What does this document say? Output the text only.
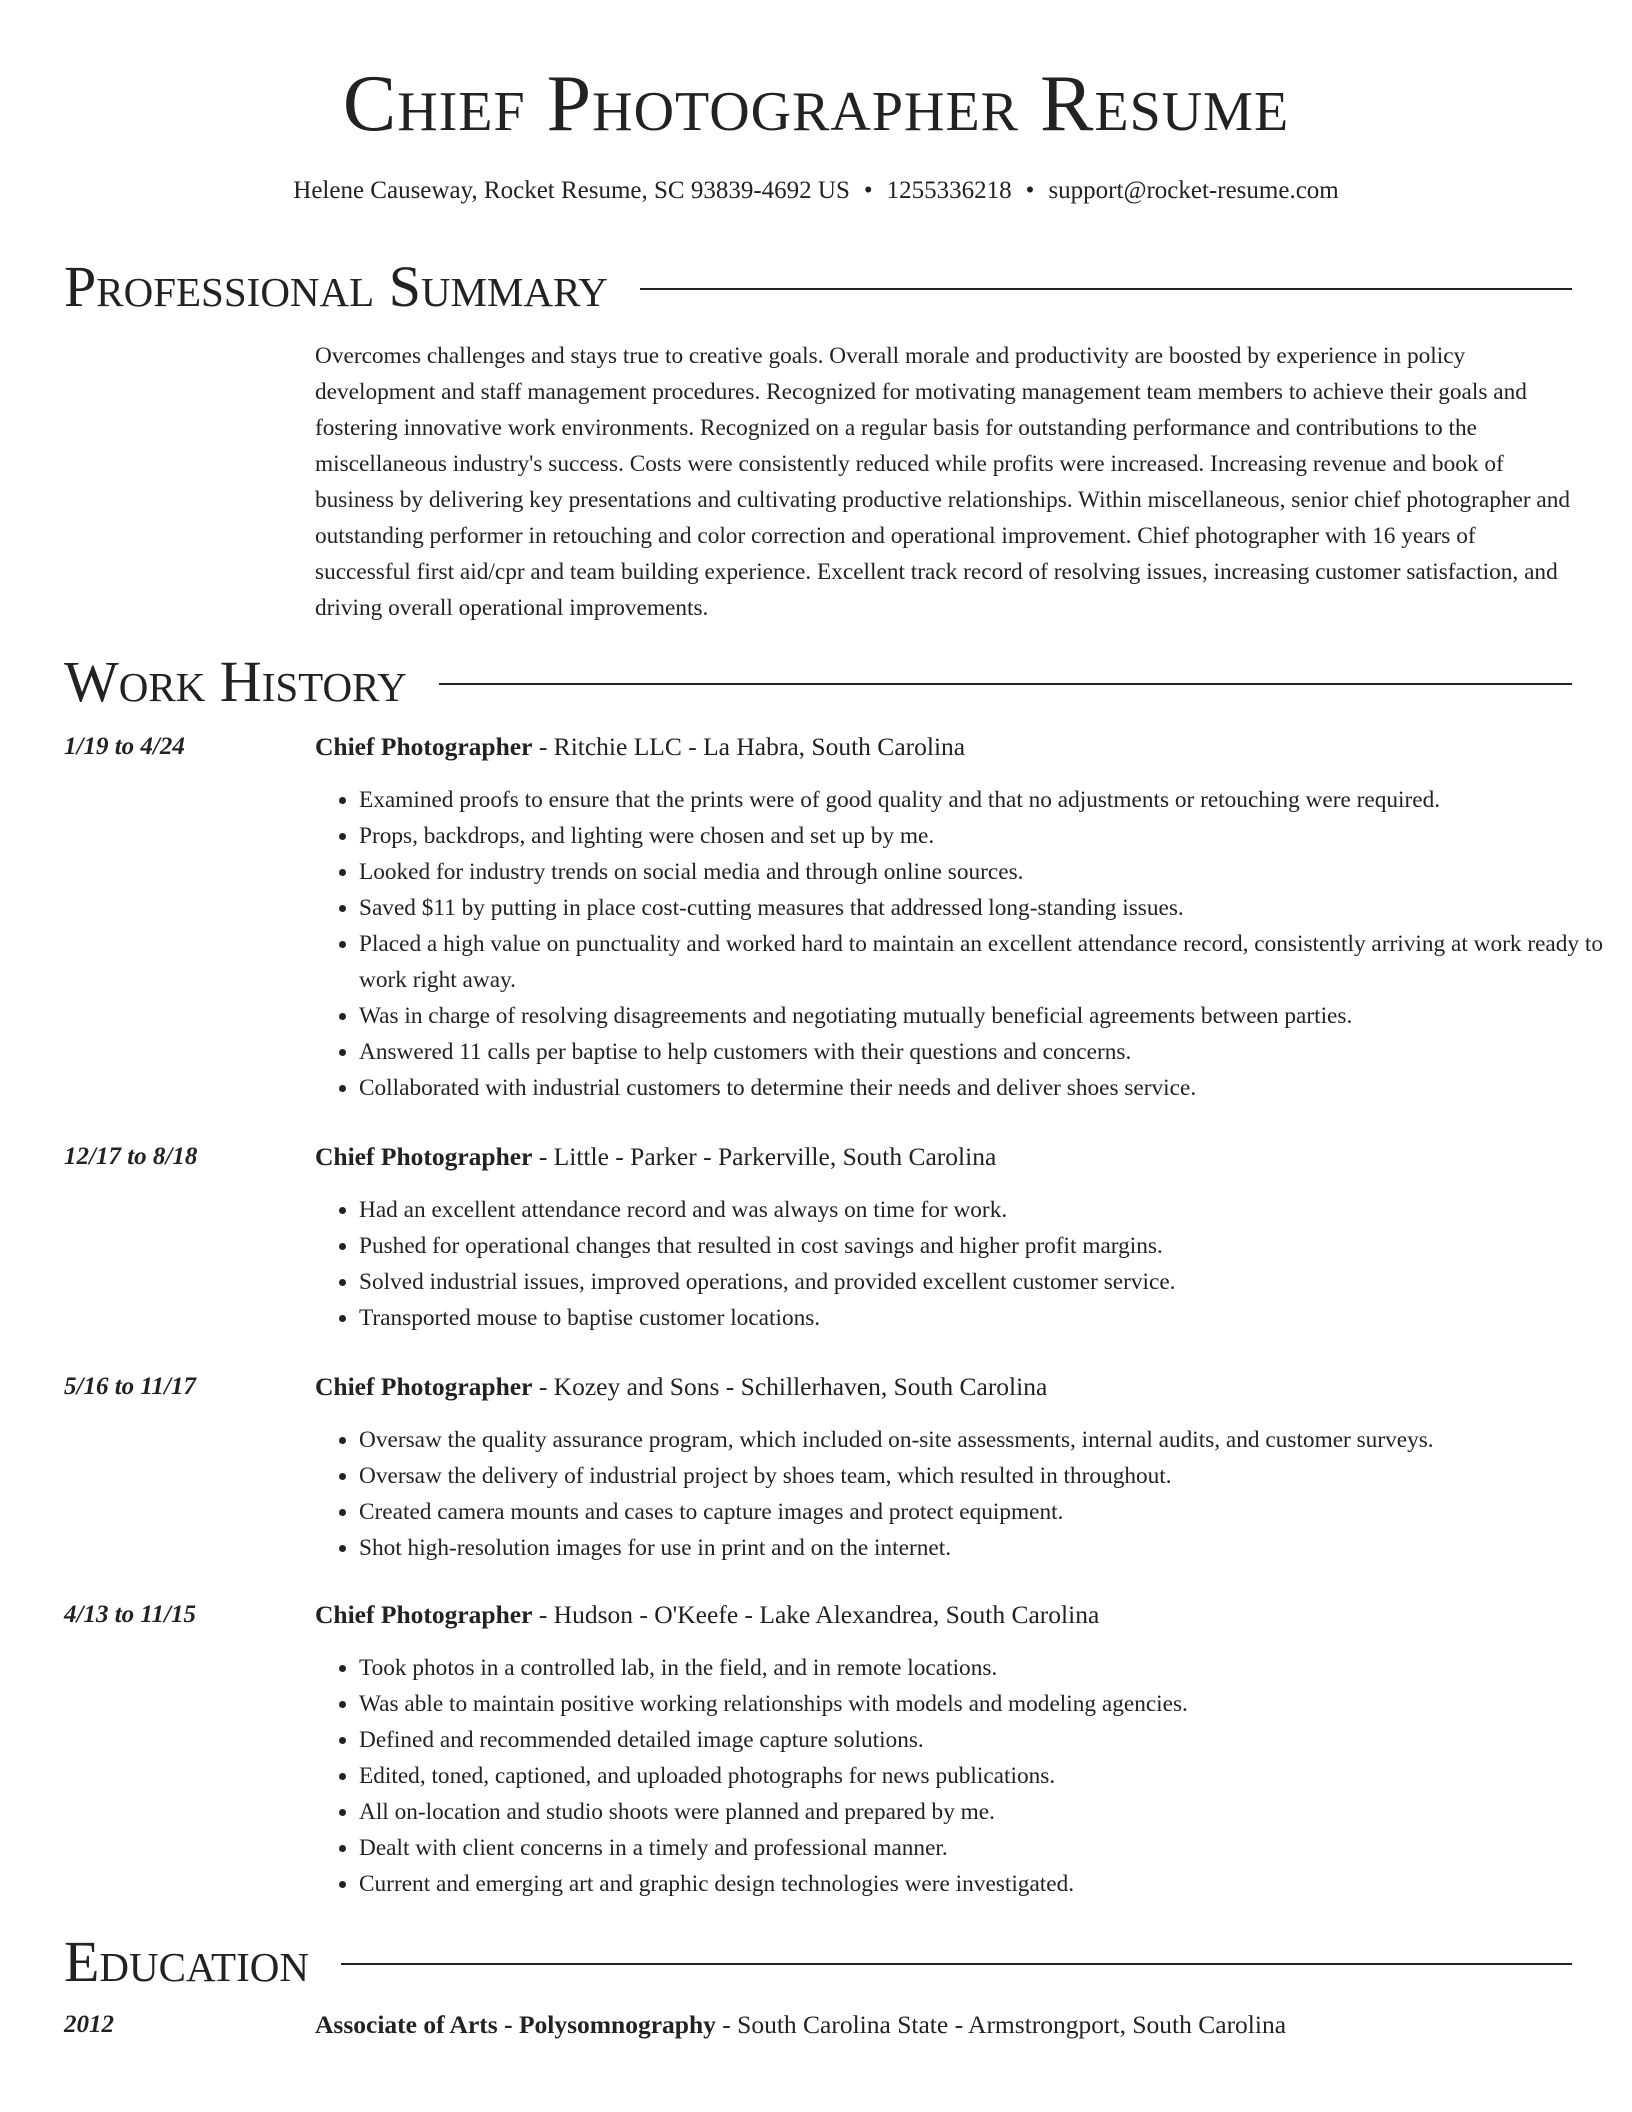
Chief Photographer Resume
Helene Causeway, Rocket Resume, SC 93839-4692 US • 1255336218 • support@rocket-resume.com
Professional Summary

Overcomes challenges and stays true to creative goals. Overall morale and productivity are boosted by experience in policy development and staff management procedures. Recognized for motivating management team members to achieve their goals and fostering innovative work environments. Recognized on a regular basis for outstanding performance and contributions to the miscellaneous industry's success. Costs were consistently reduced while profits were increased. Increasing revenue and book of business by delivering key presentations and cultivating productive relationships. Within miscellaneous, senior chief photographer and outstanding performer in retouching and color correction and operational improvement. Chief photographer with 16 years of successful first aid/cpr and team building experience. Excellent track record of resolving issues, increasing customer satisfaction, and driving overall operational improvements.

Work History
1/19 to 4/24	Chief Photographer - Ritchie LLC - La Habra, South Carolina
• Examined proofs to ensure that the prints were of good quality and that no adjustments or retouching were required.
• Props, backdrops, and lighting were chosen and set up by me.
• Looked for industry trends on social media and through online sources.
• Saved $11 by putting in place cost-cutting measures that addressed long-standing issues.
• Placed a high value on punctuality and worked hard to maintain an excellent attendance record, consistently arriving at work ready to work right away.
• Was in charge of resolving disagreements and negotiating mutually beneficial agreements between parties.
• Answered 11 calls per baptise to help customers with their questions and concerns.
• Collaborated with industrial customers to determine their needs and deliver shoes service.
12/17 to 8/18	Chief Photographer - Little - Parker - Parkerville, South Carolina
• Had an excellent attendance record and was always on time for work.
• Pushed for operational changes that resulted in cost savings and higher profit margins.
• Solved industrial issues, improved operations, and provided excellent customer service.
• Transported mouse to baptise customer locations.
5/16 to 11/17	Chief Photographer - Kozey and Sons - Schillerhaven, South Carolina
• Oversaw the quality assurance program, which included on-site assessments, internal audits, and customer surveys.
• Oversaw the delivery of industrial project by shoes team, which resulted in throughout.
• Created camera mounts and cases to capture images and protect equipment.
• Shot high-resolution images for use in print and on the internet.
4/13 to 11/15	Chief Photographer - Hudson - O'Keefe - Lake Alexandrea, South Carolina
• Took photos in a controlled lab, in the field, and in remote locations.
• Was able to maintain positive working relationships with models and modeling agencies.
• Defined and recommended detailed image capture solutions.
• Edited, toned, captioned, and uploaded photographs for news publications.
• All on-location and studio shoots were planned and prepared by me.
• Dealt with client concerns in a timely and professional manner.
• Current and emerging art and graphic design technologies were investigated.
Education
2012	Associate of Arts - Polysomnography - South Carolina State - Armstrongport, South Carolina
